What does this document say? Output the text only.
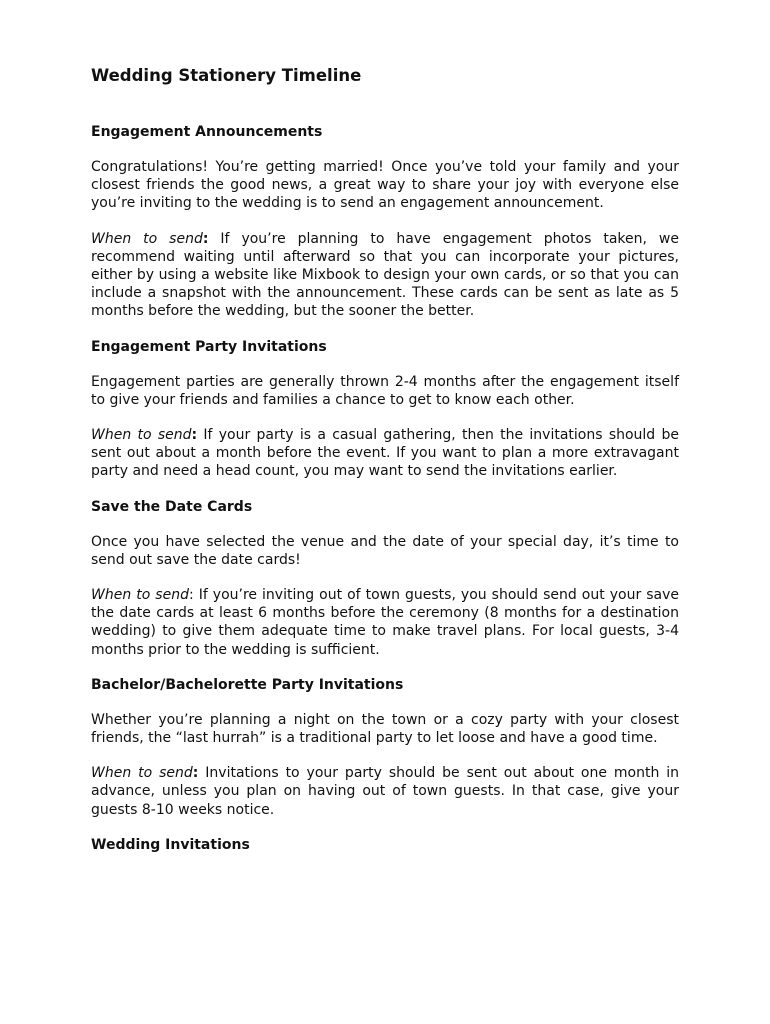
Wedding Stationery Timeline
Engagement Announcements

Congratulations! You’re getting married! Once you’ve told your family and your closest friends the good news, a great way to share your joy with everyone else you’re inviting to the wedding is to send an engagement announcement.

When to send: If you’re planning to have engagement photos taken, we recommend waiting until afterward so that you can incorporate your pictures, either by using a website like Mixbook to design your own cards, or so that you can include a snapshot with the announcement. These cards can be sent as late as 5 months before the wedding, but the sooner the better.

Engagement Party Invitations

Engagement parties are generally thrown 2-4 months after the engagement itself to give your friends and families a chance to get to know each other.

When to send: If your party is a casual gathering, then the invitations should be sent out about a month before the event. If you want to plan a more extravagant party and need a head count, you may want to send the invitations earlier.

Save the Date Cards

Once you have selected the venue and the date of your special day, it’s time to send out save the date cards!

When to send: If you’re inviting out of town guests, you should send out your save the date cards at least 6 months before the ceremony (8 months for a destination wedding) to give them adequate time to make travel plans. For local guests, 3-4 months prior to the wedding is sufficient.

Bachelor/Bachelorette Party Invitations

Whether you’re planning a night on the town or a cozy party with your closest friends, the “last hurrah” is a traditional party to let loose and have a good time.

When to send: Invitations to your party should be sent out about one month in advance, unless you plan on having out of town guests. In that case, give your guests 8-10 weeks notice.

Wedding Invitations
